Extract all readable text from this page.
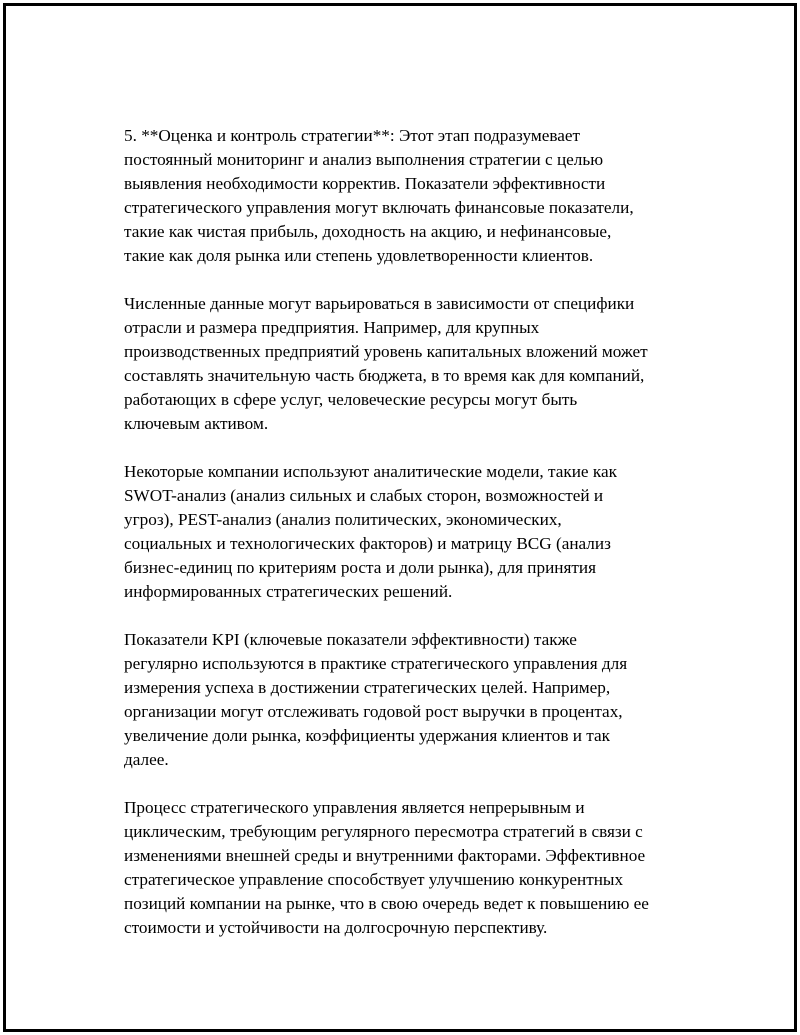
5. **Оценка и контроль стратегии**: Этот этап подразумевает
постоянный мониторинг и анализ выполнения стратегии с целью
выявления необходимости корректив. Показатели эффективности
стратегического управления могут включать финансовые показатели,
такие как чистая прибыль, доходность на акцию, и нефинансовые,
такие как доля рынка или степень удовлетворенности клиентов.

Численные данные могут варьироваться в зависимости от специфики
отрасли и размера предприятия. Например, для крупных
производственных предприятий уровень капитальных вложений может
составлять значительную часть бюджета, в то время как для компаний,
работающих в сфере услуг, человеческие ресурсы могут быть
ключевым активом.

Некоторые компании используют аналитические модели, такие как
SWOT-анализ (анализ сильных и слабых сторон, возможностей и
угроз), PEST-анализ (анализ политических, экономических,
социальных и технологических факторов) и матрицу BCG (анализ
бизнес-единиц по критериям роста и доли рынка), для принятия
информированных стратегических решений.

Показатели KPI (ключевые показатели эффективности) также
регулярно используются в практике стратегического управления для
измерения успеха в достижении стратегических целей. Например,
организации могут отслеживать годовой рост выручки в процентах,
увеличение доли рынка, коэффициенты удержания клиентов и так
далее.

Процесс стратегического управления является непрерывным и
циклическим, требующим регулярного пересмотра стратегий в связи с
изменениями внешней среды и внутренними факторами. Эффективное
стратегическое управление способствует улучшению конкурентных
позиций компании на рынке, что в свою очередь ведет к повышению ее
стоимости и устойчивости на долгосрочную перспективу.
